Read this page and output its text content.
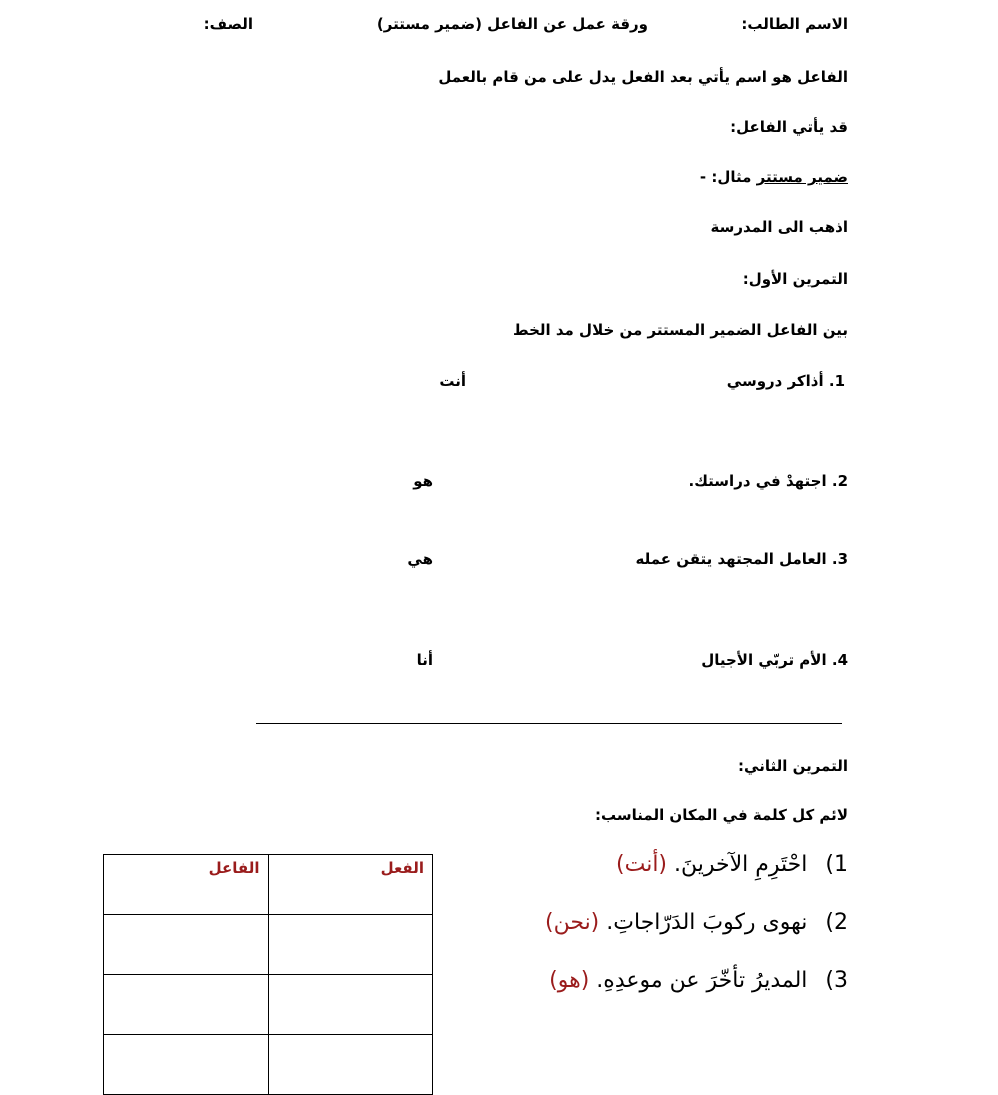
الاسم الطالب:
ورقة عمل عن الفاعل (ضمير مستتر)
الصف:
الفاعل هو اسم يأتي بعد الفعل يدل على من قام بالعمل
قد يأتي الفاعل:
ضمير مستتر مثال: -
اذهب الى المدرسة
التمرين الأول:
بين الفاعل الضمير المستتر من خلال مد الخط
1. أذاكر دروسي
أنت
2. اجتهدْ في دراستك.
هو
3. العامل المجتهد يتقن عمله
هي
4. الأم تربّي الأجيال
أنا
التمرين الثاني:
لائم كل كلمة في المكان المناسب:
1)احْتَرِمِ الآخرينَ. (أنت)
2)نهوى ركوبَ الدَرّاجاتِ. (نحن)
3)المديرُ تأخّرَ عن موعدِهِ. (هو)
الفعل	الفاعل
